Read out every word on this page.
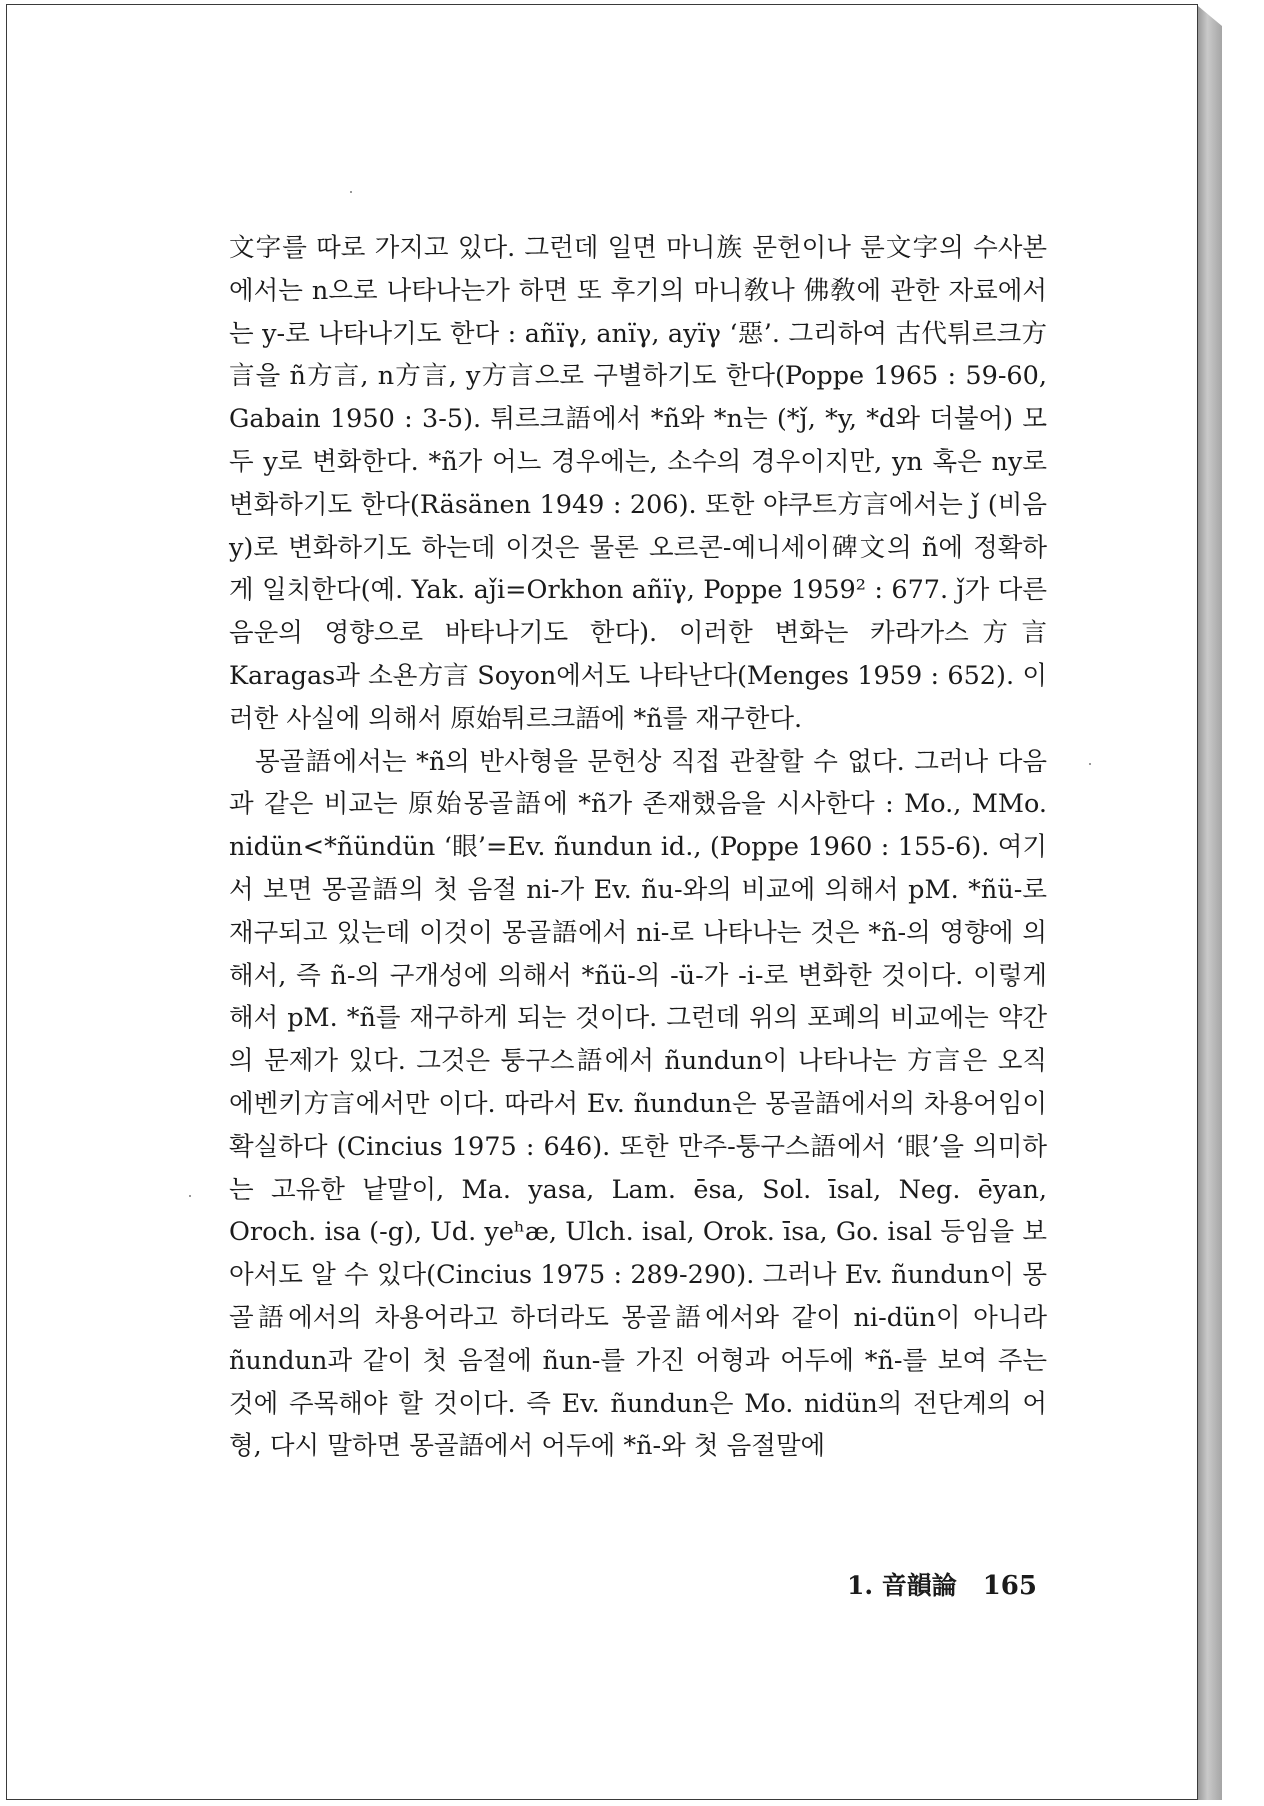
文字를 따로 가지고 있다. 그런데 일면 마니族 문헌이나 룬文字의 수사본에서는 n으로 나타나는가 하면 또 후기의 마니敎나 佛敎에 관한 자료에서는 y-로 나타나기도 한다 : añïγ, anïγ, ayïγ ‘惡’. 그리하여 古代튀르크方言을 ñ方言, n方言, y方言으로 구별하기도 한다(Poppe 1965 : 59-60, Gabain 1950 : 3-5). 튀르크語에서 *ñ와 *n는 (*ǰ, *y, *d와 더불어) 모두 y로 변화한다. *ñ가 어느 경우에는, 소수의 경우이지만, yn 혹은 ny로 변화하기도 한다(Räsänen 1949 : 206). 또한 야쿠트方言에서는 ǰ (비음 y)로 변화하기도 하는데 이것은 물론 오르콘-예니세이碑文의 ñ에 정확하게 일치한다(예. Yak. aǰi=Orkhon añïγ, Poppe 1959² : 677. ǰ가 다른 음운의 영향으로 바타나기도 한다). 이러한 변화는 카라가스方言 Karagas과 소욘方言 Soyon에서도 나타난다(Menges 1959 : 652). 이러한 사실에 의해서 原始튀르크語에 *ñ를 재구한다.

몽골語에서는 *ñ의 반사형을 문헌상 직접 관찰할 수 없다. 그러나 다음과 같은 비교는 原始몽골語에 *ñ가 존재했음을 시사한다 : Mo., MMo. nidün<*ñündün ‘眼’=Ev. ñundun id., (Poppe 1960 : 155-6). 여기서 보면 몽골語의 첫 음절 ni-가 Ev. ñu-와의 비교에 의해서 pM. *ñü-로 재구되고 있는데 이것이 몽골語에서 ni-로 나타나는 것은 *ñ-의 영향에 의해서, 즉 ñ-의 구개성에 의해서 *ñü-의 -ü-가 -i-로 변화한 것이다. 이렇게 해서 pM. *ñ를 재구하게 되는 것이다. 그런데 위의 포폐의 비교에는 약간의 문제가 있다. 그것은 퉁구스語에서 ñundun이 나타나는 方言은 오직 에벤키方言에서만 이다. 따라서 Ev. ñundun은 몽골語에서의 차용어임이 확실하다 (Cincius 1975 : 646). 또한 만주-퉁구스語에서 ‘眼’을 의미하는 고유한 낱말이, Ma. yasa, Lam. ēsa, Sol. īsal, Neg. ēyan, Oroch. isa (-g), Ud. yeʰæ, Ulch. isal, Orok. īsa, Go. isal 등임을 보아서도 알 수 있다(Cincius 1975 : 289-290). 그러나 Ev. ñundun이 몽골語에서의 차용어라고 하더라도 몽골語에서와 같이 ni-dün이 아니라 ñundun과 같이 첫 음절에 ñun-를 가진 어형과 어두에 *ñ-를 보여 주는 것에 주목해야 할 것이다. 즉 Ev. ñundun은 Mo. nidün의 전단계의 어형, 다시 말하면 몽골語에서 어두에 *ñ-와 첫 음절말에

1. 音韻論 165
